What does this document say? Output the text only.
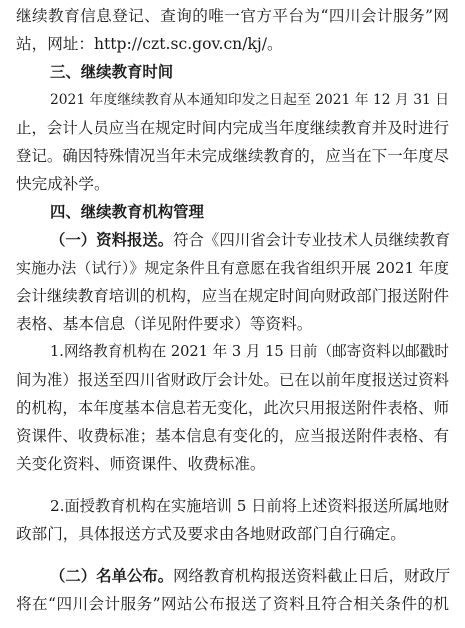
继续教育信息登记、查询的唯一官方平台为“四川会计服务”网
站，网址：http://czt.sc.gov.cn/kj/。
三、继续教育时间
2021 年度继续教育从本通知印发之日起至 2021 年 12 月 31 日
止，会计人员应当在规定时间内完成当年度继续教育并及时进行
登记。确因特殊情况当年未完成继续教育的，应当在下一年度尽
快完成补学。
四、继续教育机构管理
（一）资料报送。符合《四川省会计专业技术人员继续教育
实施办法（试行）》规定条件且有意愿在我省组织开展 2021 年度
会计继续教育培训的机构，应当在规定时间向财政部门报送附件
表格、基本信息（详见附件要求）等资料。
1.网络教育机构在 2021 年 3 月 15 日前（邮寄资料以邮戳时
间为准）报送至四川省财政厅会计处。已在以前年度报送过资料
的机构，本年度基本信息若无变化，此次只用报送附件表格、师
资课件、收费标准；基本信息有变化的，应当报送附件表格、有
关变化资料、师资课件、收费标准。
2.面授教育机构在实施培训 5 日前将上述资料报送所属地财
政部门，具体报送方式及要求由各地财政部门自行确定。
（二）名单公布。网络教育机构报送资料截止日后，财政厅
将在“四川会计服务”网站公布报送了资料且符合相关条件的机
